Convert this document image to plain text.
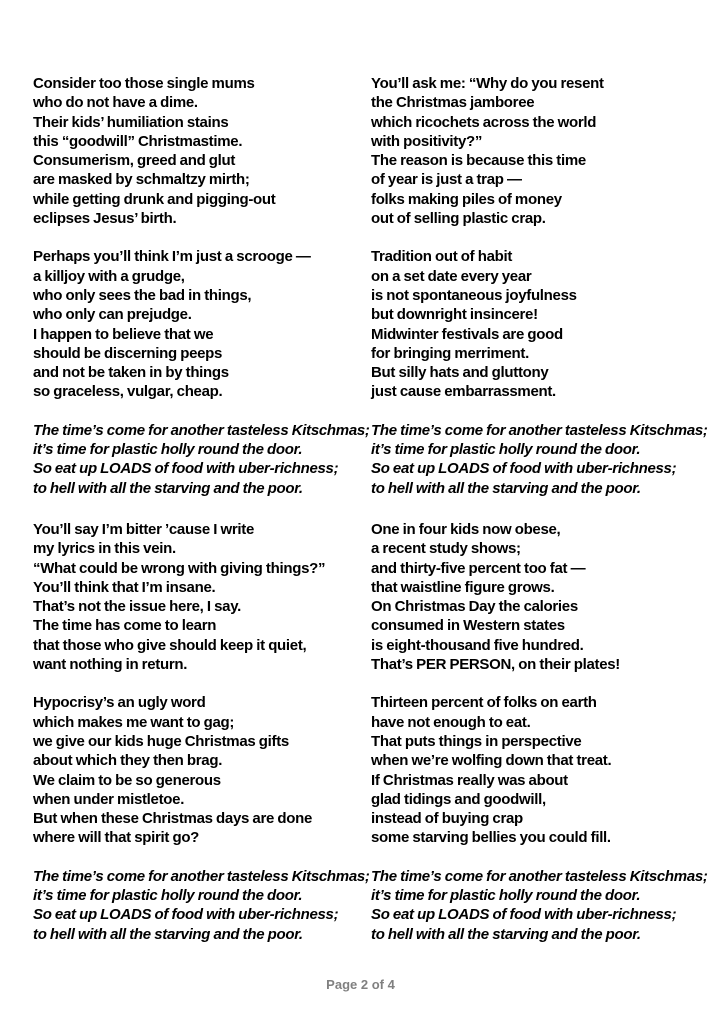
Consider too those single mums
who do not have a dime.
Their kids’ humiliation stains
this “goodwill” Christmastime.
Consumerism, greed and glut
are masked by schmaltzy mirth;
while getting drunk and pigging-out
eclipses Jesus’ birth.
Perhaps you’ll think I’m just a scrooge —
a killjoy with a grudge,
who only sees the bad in things,
who only can prejudge.
I happen to believe that we
should be discerning peeps
and not be taken in by things
so graceless, vulgar, cheap.
The time’s come for another tasteless Kitschmas;
it’s time for plastic holly round the door.
So eat up LOADS of food with uber-richness;
to hell with all the starving and the poor.
You’ll say I’m bitter ’cause I write
my lyrics in this vein.
“What could be wrong with giving things?”
You’ll think that I’m insane.
That’s not the issue here, I say.
The time has come to learn
that those who give should keep it quiet,
want nothing in return.
Hypocrisy’s an ugly word
which makes me want to gag;
we give our kids huge Christmas gifts
about which they then brag.
We claim to be so generous
when under mistletoe.
But when these Christmas days are done
where will that spirit go?
The time’s come for another tasteless Kitschmas;
it’s time for plastic holly round the door.
So eat up LOADS of food with uber-richness;
to hell with all the starving and the poor.
You’ll ask me: “Why do you resent
the Christmas jamboree
which ricochets across the world
with positivity?”
The reason is because this time
of year is just a trap —
folks making piles of money
out of selling plastic crap.
Tradition out of habit
on a set date every year
is not spontaneous joyfulness
but downright insincere!
Midwinter festivals are good
for bringing merriment.
But silly hats and gluttony
just cause embarrassment.
The time’s come for another tasteless Kitschmas;
it’s time for plastic holly round the door.
So eat up LOADS of food with uber-richness;
to hell with all the starving and the poor.
One in four kids now obese,
a recent study shows;
and thirty-five percent too fat —
that waistline figure grows.
On Christmas Day the calories
consumed in Western states
is eight-thousand five hundred.
That’s PER PERSON, on their plates!
Thirteen percent of folks on earth
have not enough to eat.
That puts things in perspective
when we’re wolfing down that treat.
If Christmas really was about
glad tidings and goodwill,
instead of buying crap
some starving bellies you could fill.
The time’s come for another tasteless Kitschmas;
it’s time for plastic holly round the door.
So eat up LOADS of food with uber-richness;
to hell with all the starving and the poor.
Page 2 of 4
